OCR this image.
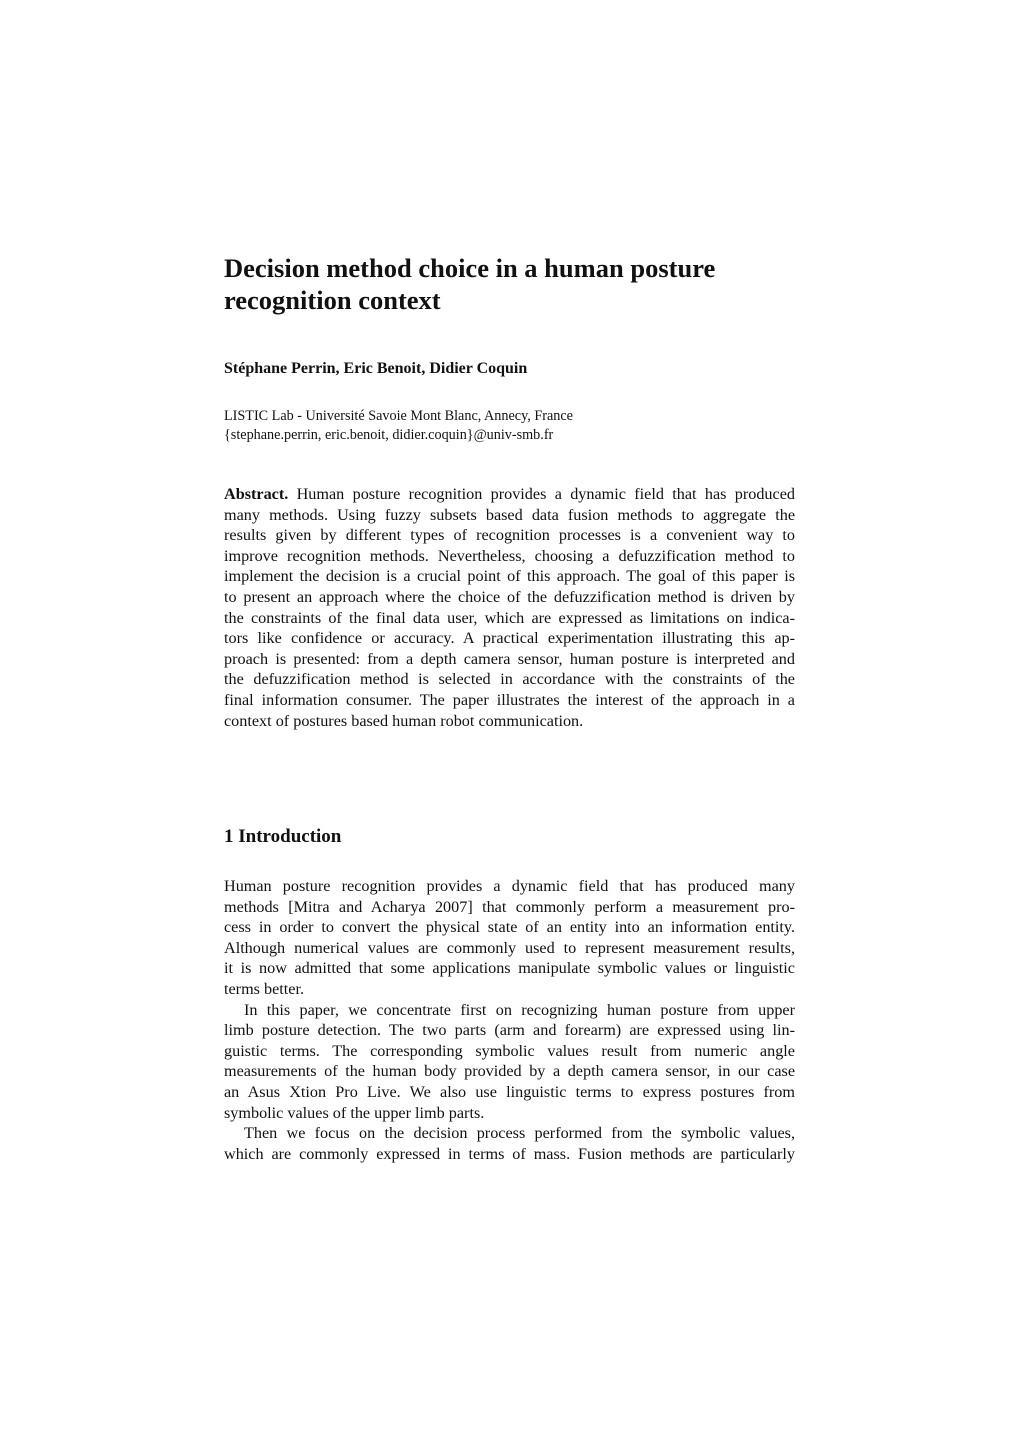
Decision method choice in a human posture
recognition context

Stéphane Perrin, Eric Benoit, Didier Coquin

LISTIC Lab - Université Savoie Mont Blanc, Annecy, France
{stephane.perrin, eric.benoit, didier.coquin}@univ-smb.fr

Abstract. Human posture recognition provides a dynamic field that has produced
many methods. Using fuzzy subsets based data fusion methods to aggregate the
results given by different types of recognition processes is a convenient way to
improve recognition methods. Nevertheless, choosing a defuzzification method to
implement the decision is a crucial point of this approach. The goal of this paper is
to present an approach where the choice of the defuzzification method is driven by
the constraints of the final data user, which are expressed as limitations on indica-
tors like confidence or accuracy. A practical experimentation illustrating this ap-
proach is presented: from a depth camera sensor, human posture is interpreted and
the defuzzification method is selected in accordance with the constraints of the
final information consumer. The paper illustrates the interest of the approach in a
context of postures based human robot communication.
1 Introduction
Human posture recognition provides a dynamic field that has produced many
methods [Mitra and Acharya 2007] that commonly perform a measurement pro-
cess in order to convert the physical state of an entity into an information entity.
Although numerical values are commonly used to represent measurement results,
it is now admitted that some applications manipulate symbolic values or linguistic
terms better.
In this paper, we concentrate first on recognizing human posture from upper
limb posture detection. The two parts (arm and forearm) are expressed using lin-
guistic terms. The corresponding symbolic values result from numeric angle
measurements of the human body provided by a depth camera sensor, in our case
an Asus Xtion Pro Live. We also use linguistic terms to express postures from
symbolic values of the upper limb parts.
Then we focus on the decision process performed from the symbolic values,
which are commonly expressed in terms of mass. Fusion methods are particularly
